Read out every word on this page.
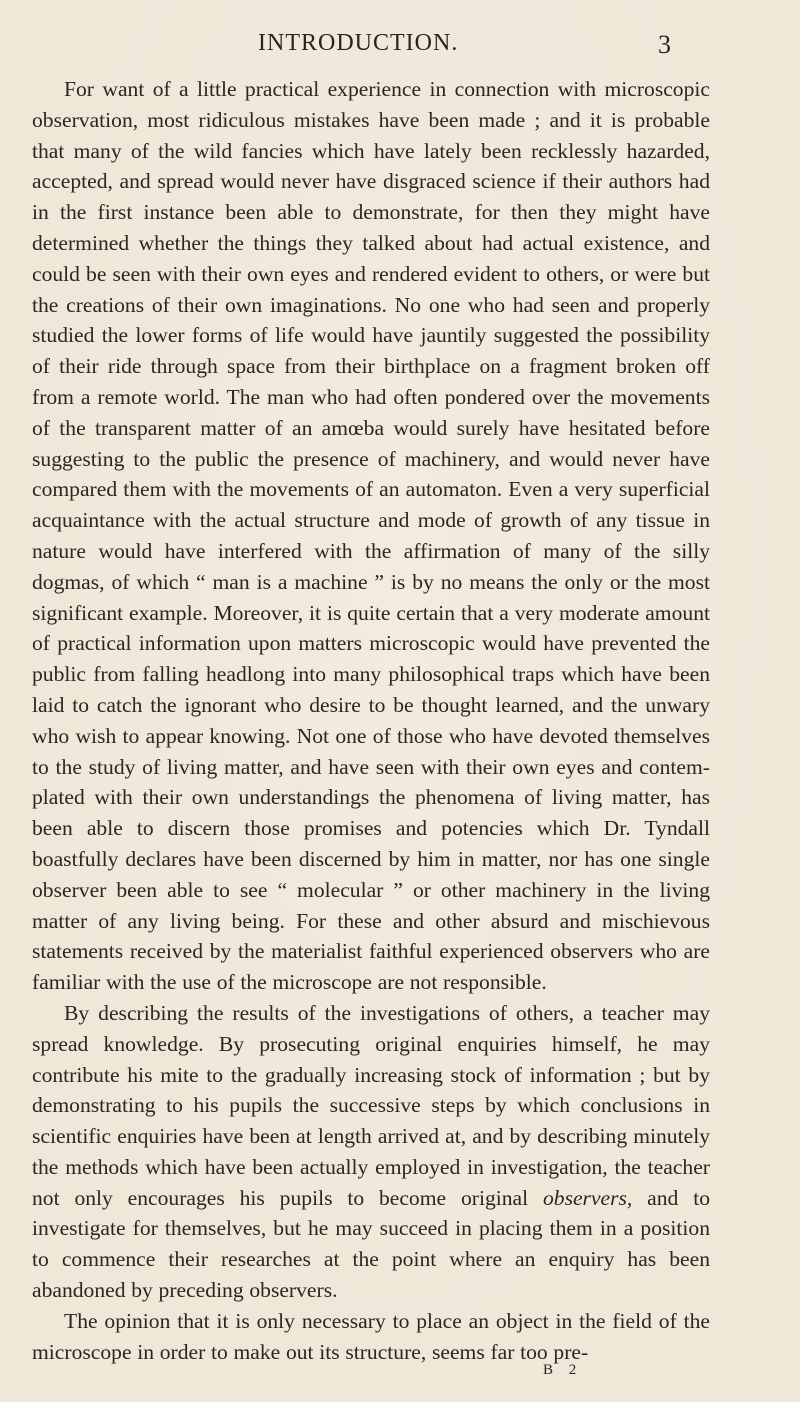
INTRODUCTION.	3

For want of a little practical experience in connection with microscopic observation, most ridiculous mistakes have been made ; and it is probable that many of the wild fancies which have lately been recklessly hazarded, accepted, and spread would never have disgraced science if their authors had in the first instance been able to demonstrate, for then they might have determined whether the things they talked about had actual existence, and could be seen with their own eyes and rendered evident to others, or were but the creations of their own imaginations. No one who had seen and properly studied the lower forms of life would have jauntily suggested the possibility of their ride through space from their birthplace on a fragment broken off from a remote world. The man who had often pondered over the movements of the transparent matter of an amœba would surely have hesitated before suggesting to the public the presence of machinery, and would never have compared them with the movements of an automaton. Even a very superficial acquaintance with the actual structure and mode of growth of any tissue in nature would have interfered with the affirmation of many of the silly dogmas, of which “ man is a machine ” is by no means the only or the most significant example. Moreover, it is quite certain that a very moderate amount of practical information upon matters microscopic would have prevented the public from falling headlong into many philosophical traps which have been laid to catch the ignorant who desire to be thought learned, and the unwary who wish to appear knowing. Not one of those who have devoted themselves to the study of living matter, and have seen with their own eyes and contemplated with their own understandings the phenomena of living matter, has been able to discern those promises and potencies which Dr. Tyndall boastfully declares have been discerned by him in matter, nor has one single observer been able to see “ molecular ” or other machinery in the living matter of any living being. For these and other absurd and mischievous statements received by the materialist faithful experienced observers who are familiar with the use of the microscope are not responsible.

By describing the results of the investigations of others, a teacher may spread knowledge. By prosecuting original enquiries himself, he may contribute his mite to the gradually increasing stock of information ; but by demonstrating to his pupils the successive steps by which conclusions in scientific enquiries have been at length arrived at, and by describing minutely the methods which have been actually employed in investigation, the teacher not only encourages his pupils to become original observers, and to investigate for themselves, but he may succeed in placing them in a position to commence their researches at the point where an enquiry has been abandoned by preceding observers.

The opinion that it is only necessary to place an object in the field of the microscope in order to make out its structure, seems far too pre-

B 2
